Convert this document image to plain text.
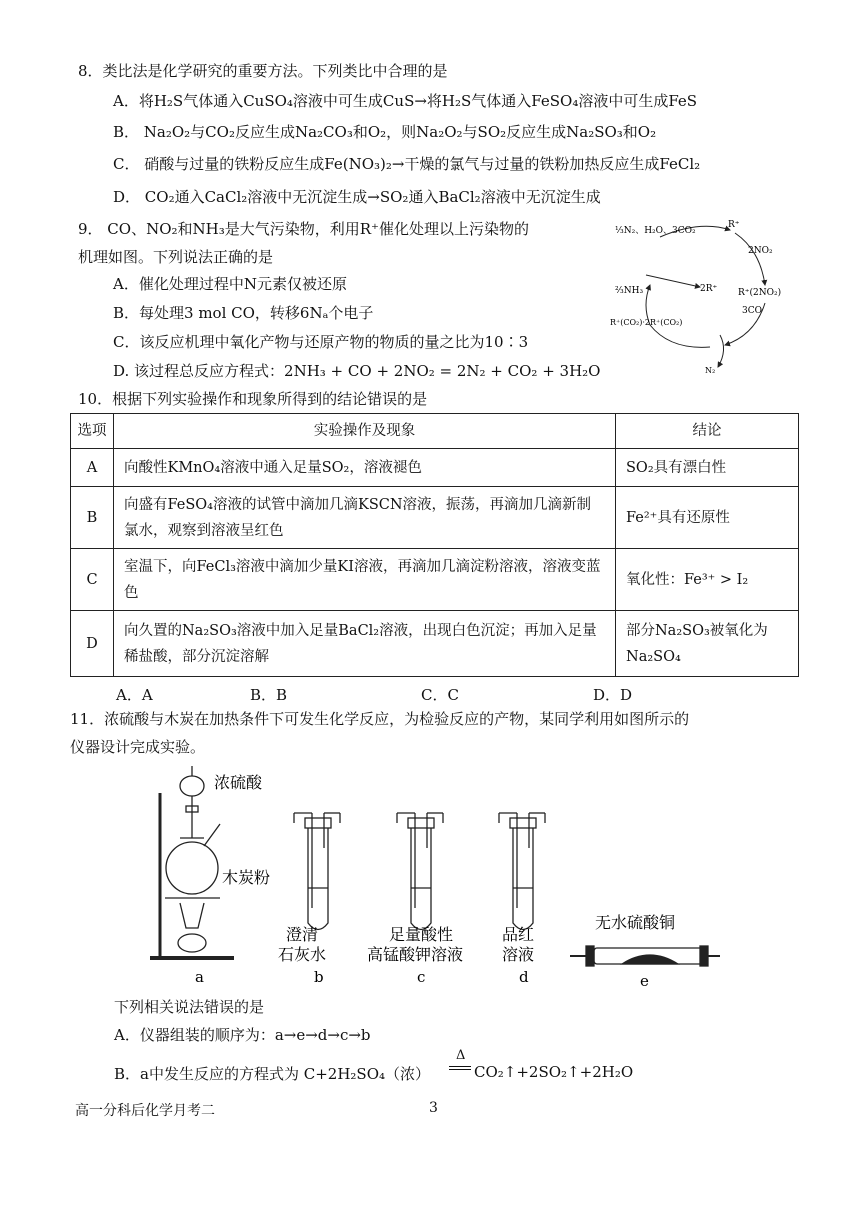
8．类比法是化学研究的重要方法。下列类比中合理的是
A．将H₂S气体通入CuSO₄溶液中可生成CuS→将H₂S气体通入FeSO₄溶液中可生成FeS
B． Na₂O₂与CO₂反应生成Na₂CO₃和O₂，则Na₂O₂与SO₂反应生成Na₂SO₃和O₂
C． 硝酸与过量的铁粉反应生成Fe(NO₃)₂→干燥的氯气与过量的铁粉加热反应生成FeCl₂
D． CO₂通入CaCl₂溶液中无沉淀生成→SO₂通入BaCl₂溶液中无沉淀生成
9． CO、NO₂和NH₃是大气污染物，利用R⁺催化处理以上污染物的
机理如图。下列说法正确的是
A．催化处理过程中N元素仅被还原
B．每处理3 mol CO，转移6Nₐ个电子
C．该反应机理中氧化产物与还原产物的物质的量之比为10∶3
D. 该过程总反应方程式：2NH₃ + CO + 2NO₂ = 2N₂ + CO₂ + 3H₂O
⅓N₂、H₂O、3CO₂
R⁺
2NO₂
R⁺(2NO₂)
⅔NH₃	2R⁺
3CO
R⁺(CO₂)·2R⁺(CO₂)
N₂
10．根据下列实验操作和现象所得到的结论错误的是
选项	实验操作及现象	结论
A	向酸性KMnO₄溶液中通入足量SO₂，溶液褪色	SO₂具有漂白性
B	向盛有FeSO₄溶液的试管中滴加几滴KSCN溶液，振荡，再滴加几滴新制氯水，观察到溶液呈红色	Fe²⁺具有还原性
C	室温下，向FeCl₃溶液中滴加少量KI溶液，再滴加几滴淀粉溶液，溶液变蓝色	氧化性：Fe³⁺ > I₂
D	向久置的Na₂SO₃溶液中加入足量BaCl₂溶液，出现白色沉淀；再加入足量稀盐酸，部分沉淀溶解	部分Na₂SO₃被氧化为Na₂SO₄
A．A	B．B	C．C	D．D
11．浓硫酸与木炭在加热条件下可发生化学反应，为检验反应的产物，某同学利用如图所示的
仪器设计完成实验。
浓硫酸
木炭粉
a
澄清
石灰水
b
足量酸性
高锰酸钾溶液
c
品红
溶液
d
无水硫酸铜
e
下列相关说法错误的是
A．仪器组装的顺序为：a→e→d→c→b
B．a中发生反应的方程式为 C+2H₂SO₄（浓）
Δ
CO₂↑+2SO₂↑+2H₂O
高一分科后化学月考二	3
